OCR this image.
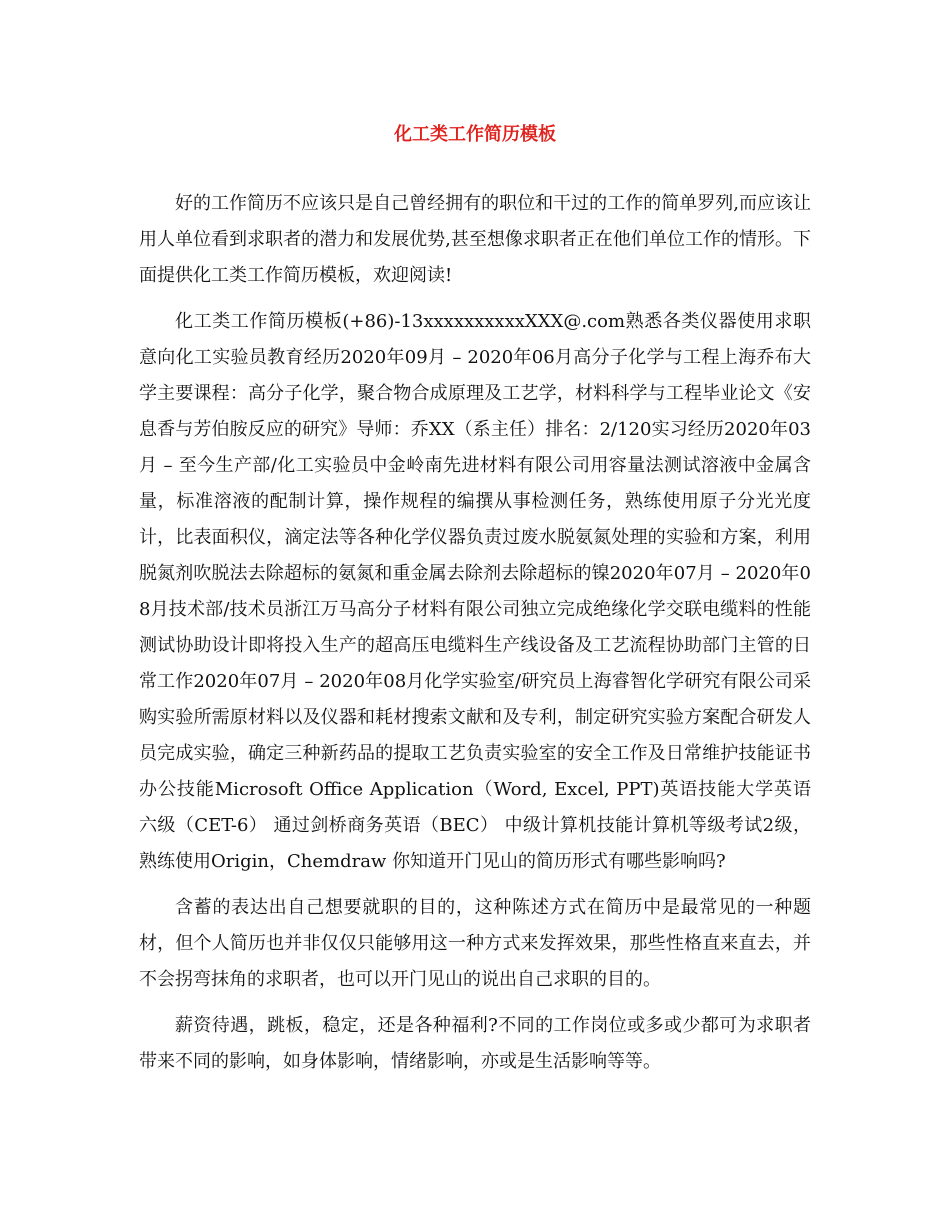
化工类工作简历模板

好的工作简历不应该只是自己曾经拥有的职位和干过的工作的简单罗列,而应该让用人单位看到求职者的潜力和发展优势,甚至想像求职者正在他们单位工作的情形。下面提供化工类工作简历模板，欢迎阅读!

化工类工作简历模板(+86)-13xxxxxxxxxxXXX@.com熟悉各类仪器使用求职意向化工实验员教育经历2020年09月 – 2020年06月高分子化学与工程上海乔布大学主要课程：高分子化学，聚合物合成原理及工艺学，材料科学与工程毕业论文《安息香与芳伯胺反应的研究》导师：乔XX（系主任）排名：2/120实习经历2020年03月 – 至今生产部/化工实验员中金岭南先进材料有限公司用容量法测试溶液中金属含量，标准溶液的配制计算，操作规程的编撰从事检测任务，熟练使用原子分光光度计，比表面积仪，滴定法等各种化学仪器负责过废水脱氨氮处理的实验和方案，利用脱氮剂吹脱法去除超标的氨氮和重金属去除剂去除超标的镍2020年07月 – 2020年08月技术部/技术员浙江万马高分子材料有限公司独立完成绝缘化学交联电缆料的性能测试协助设计即将投入生产的超高压电缆料生产线设备及工艺流程协助部门主管的日常工作2020年07月 – 2020年08月化学实验室/研究员上海睿智化学研究有限公司采购实验所需原材料以及仪器和耗材搜索文献和及专利，制定研究实验方案配合研发人员完成实验，确定三种新药品的提取工艺负责实验室的安全工作及日常维护技能证书办公技能Microsoft Office Application（Word, Excel, PPT)英语技能大学英语六级（CET-6） 通过剑桥商务英语（BEC） 中级计算机技能计算机等级考试2级，熟练使用Origin，Chemdraw 你知道开门见山的简历形式有哪些影响吗?

含蓄的表达出自己想要就职的目的，这种陈述方式在简历中是最常见的一种题材，但个人简历也并非仅仅只能够用这一种方式来发挥效果，那些性格直来直去，并不会拐弯抹角的求职者，也可以开门见山的说出自己求职的目的。

薪资待遇，跳板，稳定，还是各种福利?不同的工作岗位或多或少都可为求职者带来不同的影响，如身体影响，情绪影响，亦或是生活影响等等。
